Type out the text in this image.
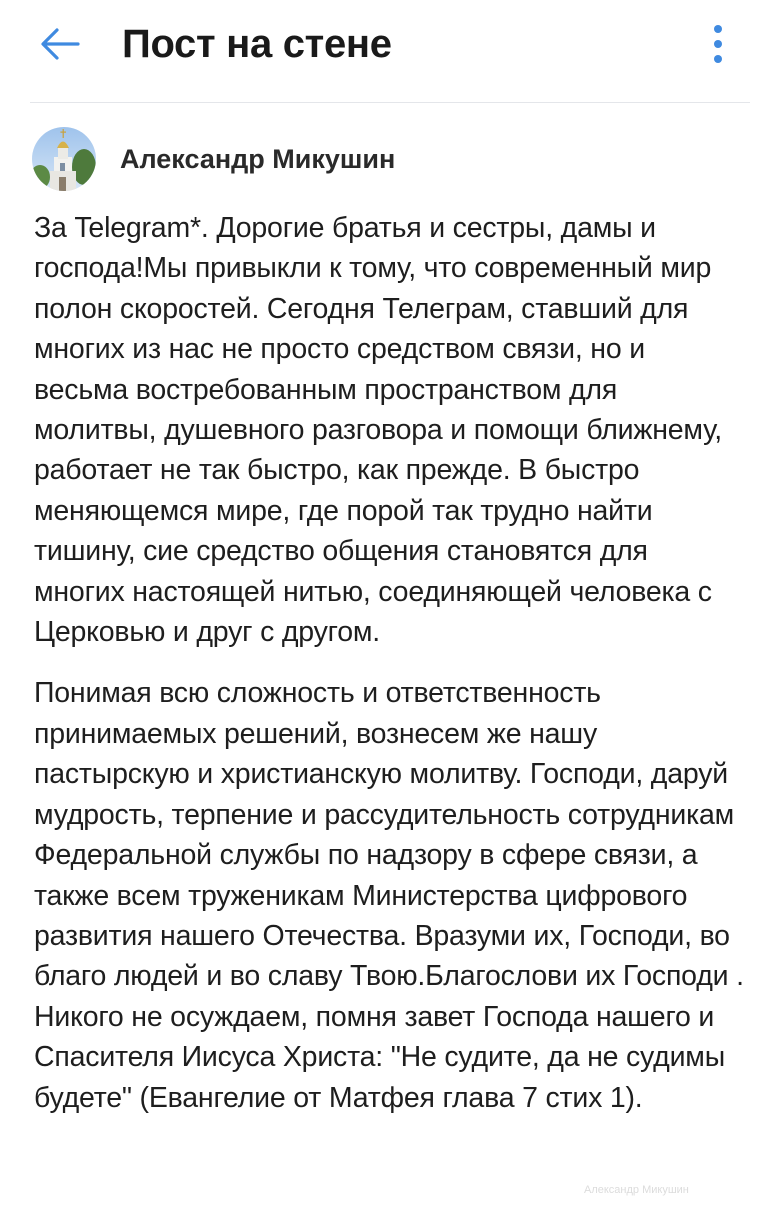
Пост на стене
Александр Микушин

За Telegram*. Дорогие братья и сестры, дамы и господа!Мы привыкли к тому, что современный мир полон скоростей. Сегодня Телеграм, ставший для многих из нас не просто средством связи, но и весьма востребованным пространством для молитвы, душевного разговора и помощи ближнему, работает не так быстро, как прежде. В быстро меняющемся мире, где порой так трудно найти тишину, сие средство общения становятся для многих настоящей нитью, соединяющей человека с Церковью и друг с другом.

Понимая всю сложность и ответственность принимаемых решений, вознесем же нашу пастырскую и христианскую молитву. Господи, даруй мудрость, терпение и рассудительность сотрудникам Федеральной службы по надзору в сфере связи, а также всем труженикам Министерства цифрового развития нашего Отечества. Вразуми их, Господи, во благо людей и во славу Твою.Благослови их Господи . Никого не осуждаем, помня завет Господа нашего и Спасителя Иисуса Христа: "Не судите, да не судимы будете" (Евангелие от Матфея глава 7 стих 1).

Александр Микушин
